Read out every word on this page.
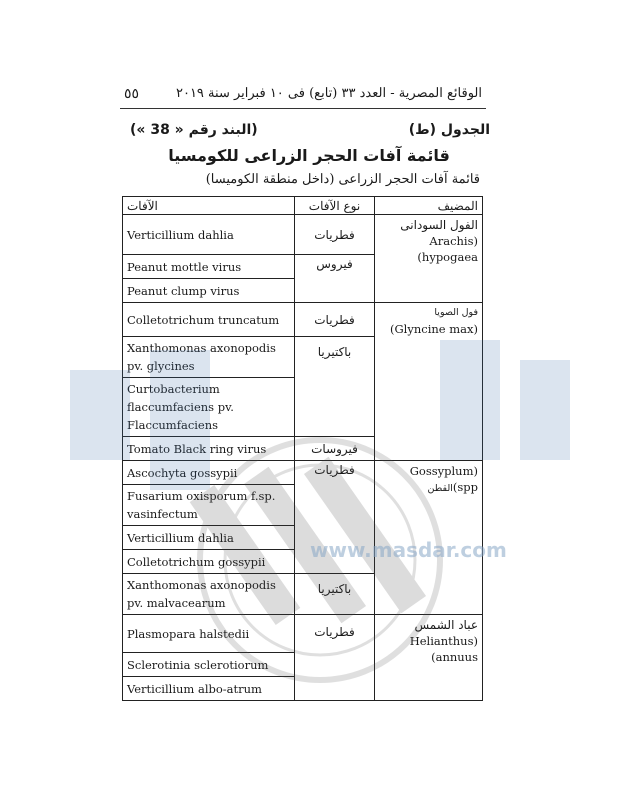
٥٥	الوقائع المصرية - العدد ٣٣ (تابع) فى ١٠ فبراير سنة ٢٠١٩
الجدول (ط)
(البند رقم « 38 »)
قائمة آفات الحجر الزراعى للكومسيا
قائمة آفات الحجر الزراعى (داخل منطقة الكوميسا)
الآفات	نوع الآفات	المضيف
Verticillium dahlia	فطريات	الفول السودانى
(Arachis hypogaea)

Peanut mottle virus	فيروس	
Peanut clump virus		
Colletotrichum truncatum	فطريات	فول الصويا
(Glyncine max)

Xanthomonas axonopodis pv. glycines	باكتيريا	
Curtobacterium flaccumfaciens pv. Flaccumfaciens		
Tomato Black ring virus	فيروسات	
Ascochyta gossypii	فطريات	(Gossyplum spp)القطن
Fusarium oxisporum f.sp. vasinfectum		
Verticillium dahlia		
Colletotrichum gossypii		
Xanthomonas axonopodis pv. malvacearum	باكتيريا	
Plasmopara halstedii	فطريات	عباد الشمس
(Helianthus annuus)

Sclerotinia sclerotiorum		
Verticillium albo-atrum		
www.masdar.com
